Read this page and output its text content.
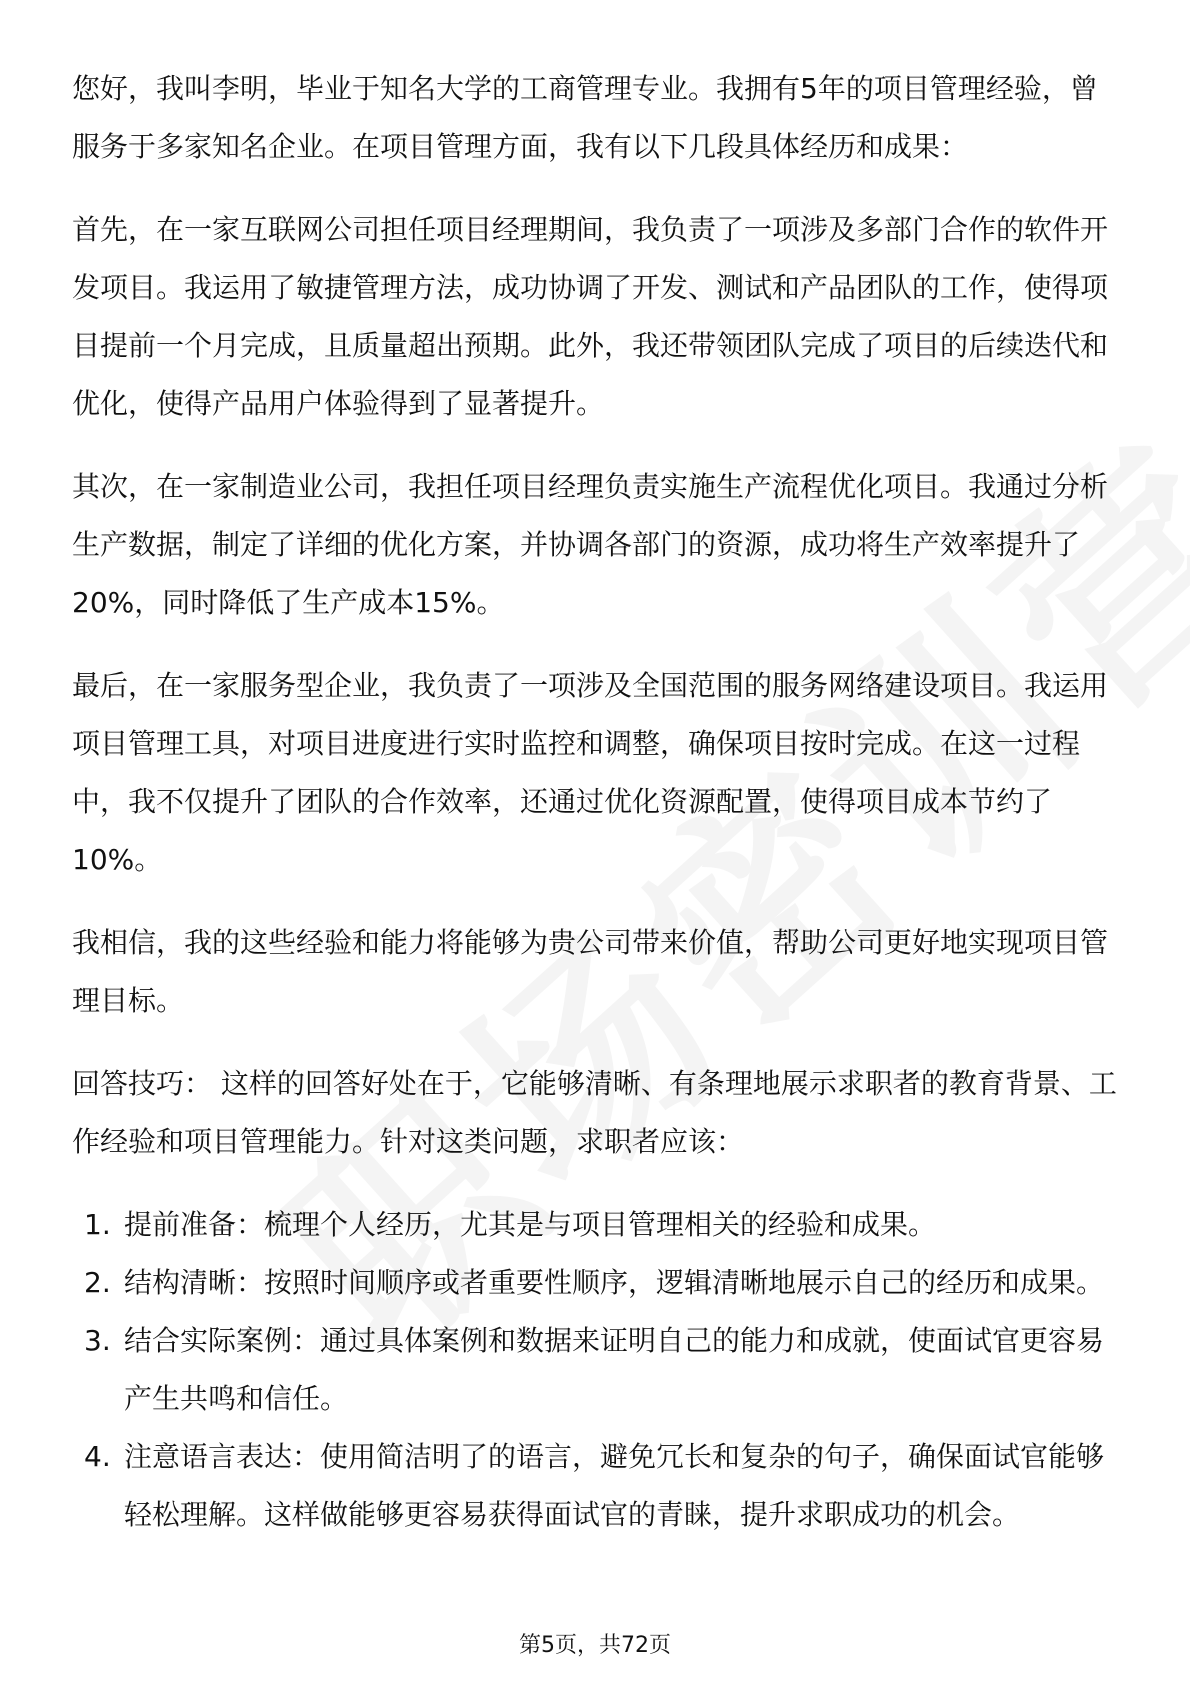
您好，我叫李明，毕业于知名大学的工商管理专业。我拥有5年的项目管理经验，曾服务于多家知名企业。在项目管理方面，我有以下几段具体经历和成果：

首先，在一家互联网公司担任项目经理期间，我负责了一项涉及多部门合作的软件开发项目。我运用了敏捷管理方法，成功协调了开发、测试和产品团队的工作，使得项目提前一个月完成，且质量超出预期。此外，我还带领团队完成了项目的后续迭代和优化，使得产品用户体验得到了显著提升。

其次，在一家制造业公司，我担任项目经理负责实施生产流程优化项目。我通过分析生产数据，制定了详细的优化方案，并协调各部门的资源，成功将生产效率提升了20%，同时降低了生产成本15%。

最后，在一家服务型企业，我负责了一项涉及全国范围的服务网络建设项目。我运用项目管理工具，对项目进度进行实时监控和调整，确保项目按时完成。在这一过程中，我不仅提升了团队的合作效率，还通过优化资源配置，使得项目成本节约了10%。

我相信，我的这些经验和能力将能够为贵公司带来价值，帮助公司更好地实现项目管理目标。

回答技巧： 这样的回答好处在于，它能够清晰、有条理地展示求职者的教育背景、工作经验和项目管理能力。针对这类问题，求职者应该：

1. 提前准备：梳理个人经历，尤其是与项目管理相关的经验和成果。
2. 结构清晰：按照时间顺序或者重要性顺序，逻辑清晰地展示自己的经历和成果。
3. 结合实际案例：通过具体案例和数据来证明自己的能力和成就，使面试官更容易产生共鸣和信任。
4. 注意语言表达：使用简洁明了的语言，避免冗长和复杂的句子，确保面试官能够轻松理解。这样做能够更容易获得面试官的青睐，提升求职成功的机会。
第5页，共72页
